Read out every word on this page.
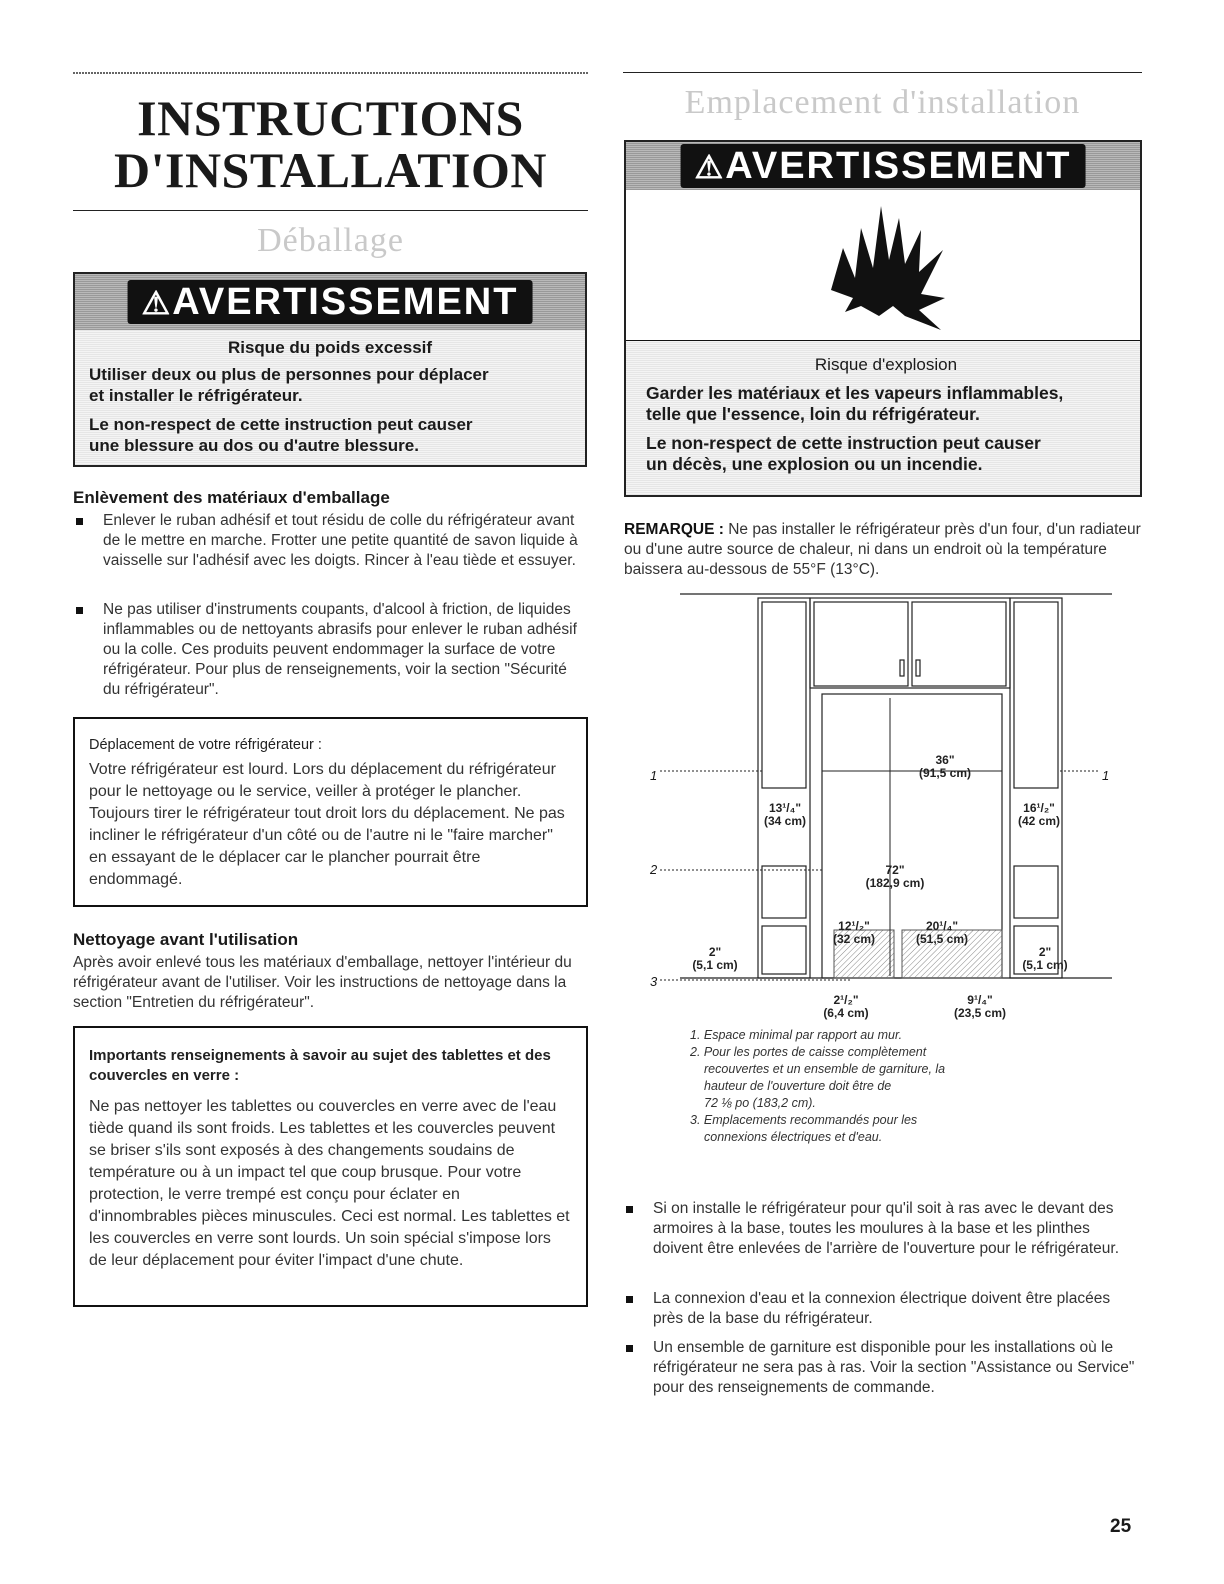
INSTRUCTIONS
D'INSTALLATION
Déballage
⚠AVERTISSEMENT
Risque du poids excessif
Utiliser deux ou plus de personnes pour déplacer
et installer le réfrigérateur.
Le non-respect de cette instruction peut causer
une blessure au dos ou d'autre blessure.
Enlèvement des matériaux d'emballage
Enlever le ruban adhésif et tout résidu de colle du réfrigérateur avant de le mettre en marche. Frotter une petite quantité de savon liquide à vaisselle sur l'adhésif avec les doigts. Rincer à l'eau tiède et essuyer.
Ne pas utiliser d'instruments coupants, d'alcool à friction, de liquides inflammables ou de nettoyants abrasifs pour enlever le ruban adhésif ou la colle. Ces produits peuvent endommager la surface de votre réfrigérateur. Pour plus de renseignements, voir la section "Sécurité du réfrigérateur".
Déplacement de votre réfrigérateur :
Votre réfrigérateur est lourd. Lors du déplacement du réfrigérateur pour le nettoyage ou le service, veiller à protéger le plancher. Toujours tirer le réfrigérateur tout droit lors du déplacement. Ne pas incliner le réfrigérateur d'un côté ou de l'autre ni le "faire marcher" en essayant de le déplacer car le plancher pourrait être endommagé.
Nettoyage avant l'utilisation
Après avoir enlevé tous les matériaux d'emballage, nettoyer l'intérieur du réfrigérateur avant de l'utiliser. Voir les instructions de nettoyage dans la section "Entretien du réfrigérateur".
Importants renseignements à savoir au sujet des tablettes et des couvercles en verre :
Ne pas nettoyer les tablettes ou couvercles en verre avec de l'eau tiède quand ils sont froids. Les tablettes et les couvercles peuvent se briser s'ils sont exposés à des changements soudains de température ou à un impact tel que coup brusque. Pour votre protection, le verre trempé est conçu pour éclater en d'innombrables pièces minuscules. Ceci est normal. Les tablettes et les couvercles en verre sont lourds. Un soin spécial s'impose lors de leur déplacement pour éviter l'impact d'une chute.
Emplacement d'installation
⚠AVERTISSEMENT
Risque d'explosion
Garder les matériaux et les vapeurs inflammables,
telle que l'essence, loin du réfrigérateur.
Le non-respect de cette instruction peut causer
un décès, une explosion ou un incendie.
REMARQUE : Ne pas installer le réfrigérateur près d'un four, d'un radiateur ou d'une autre source de chaleur, ni dans un endroit où la température baissera au-dessous de 55°F (13°C).
1	1
2
3
36"
(91,5 cm)
72"
(182,9 cm)
13¹/₄"
(34 cm)
16¹/₂"
(42 cm)
12¹/₂"
(32 cm)
20¹/₄"
(51,5 cm)
2"
(5,1 cm)
2"
(5,1 cm)
2¹/₂"
(6,4 cm)
9¹/₄"
(23,5 cm)
1. Espace minimal par rapport au mur.
2. Pour les portes de caisse complètement
recouvertes et un ensemble de garniture, la
hauteur de l'ouverture doit être de
72 ⅛ po (183,2 cm).
3. Emplacements recommandés pour les
connexions électriques et d'eau.
Si on installe le réfrigérateur pour qu'il soit à ras avec le devant des armoires à la base, toutes les moulures à la base et les plinthes doivent être enlevées de l'arrière de l'ouverture pour le réfrigérateur.
La connexion d'eau et la connexion électrique doivent être placées près de la base du réfrigérateur.
Un ensemble de garniture est disponible pour les installations où le réfrigérateur ne sera pas à ras. Voir la section "Assistance ou Service" pour des renseignements de commande.
25
